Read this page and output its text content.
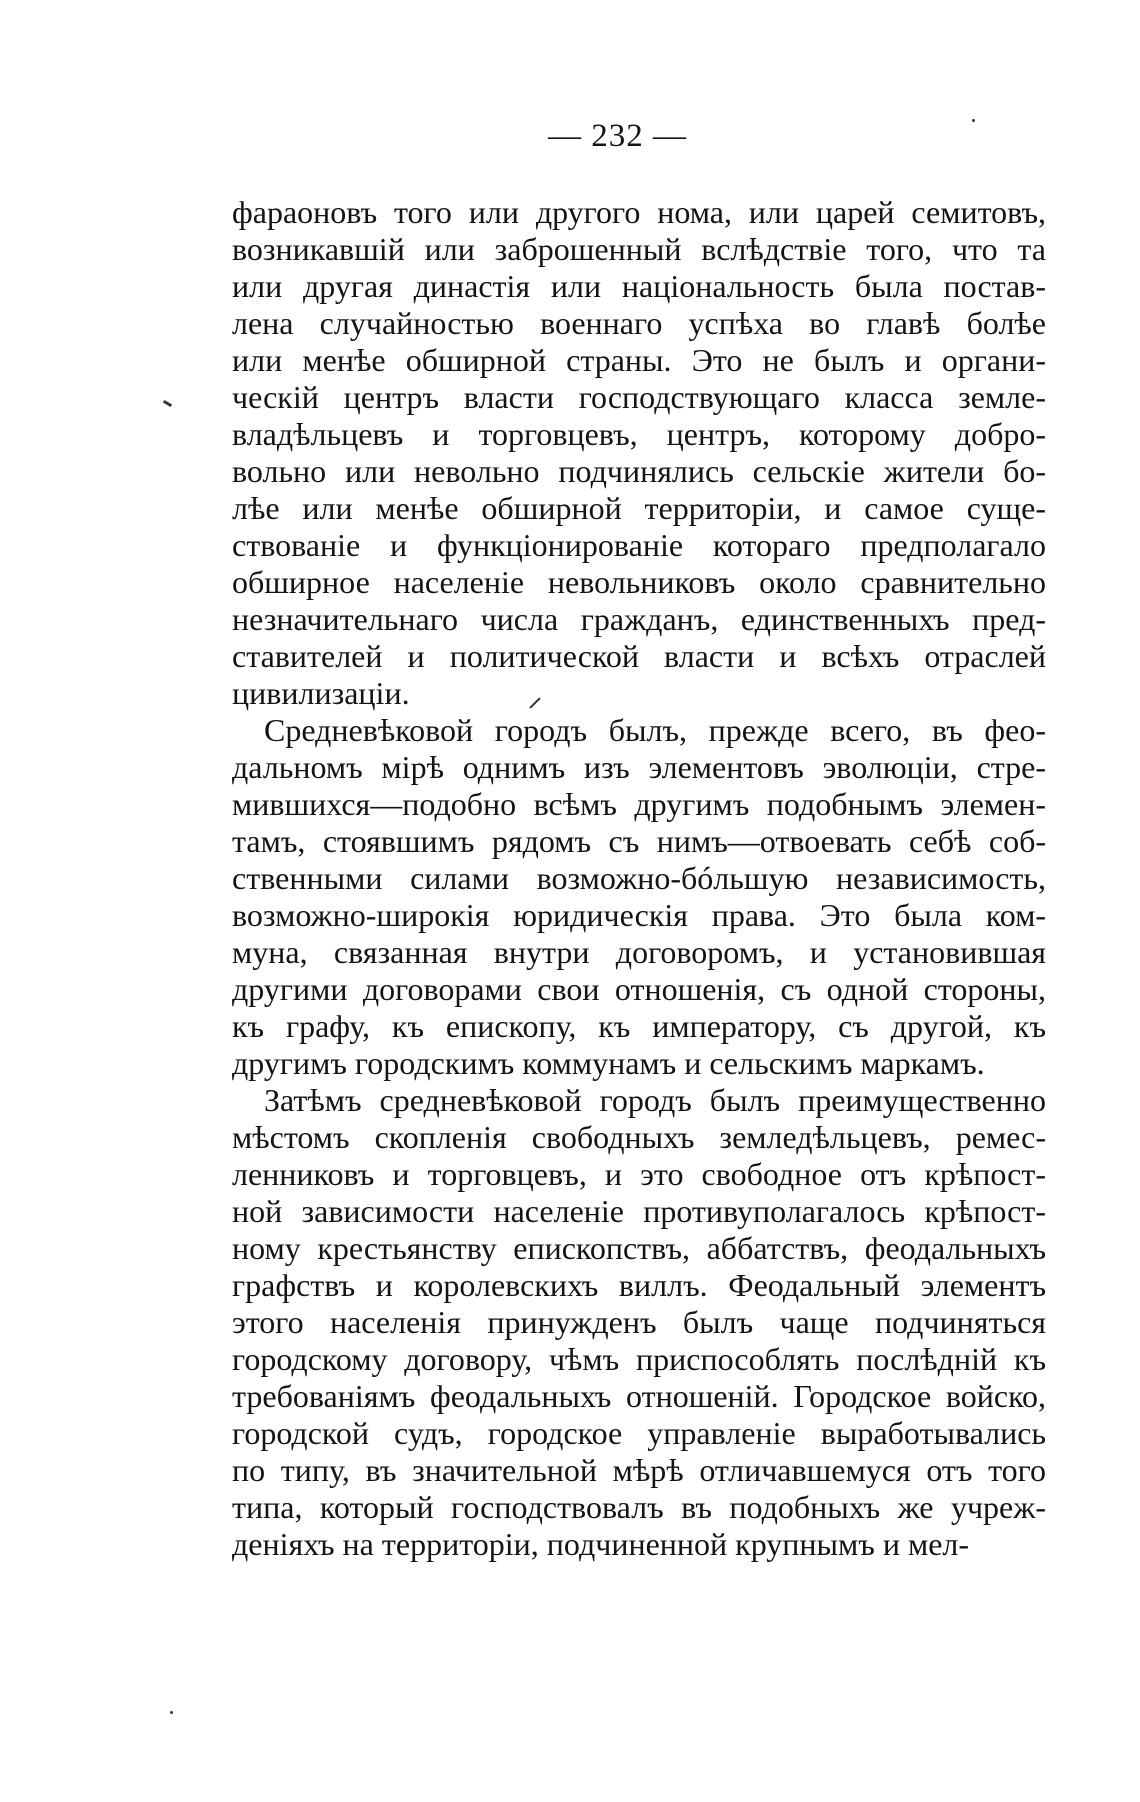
— 232 —
фараоновъ того или другого нома, или царей семитовъ,
возникавшій или заброшенный вслѣдствіе того, что та
или другая династія или національность была постав-
лена случайностью военнаго успѣха во главѣ болѣе
или менѣе обширной страны. Это не былъ и органи-
ческій центръ власти господствующаго класса земле-
владѣльцевъ и торговцевъ, центръ, которому добро-
вольно или невольно подчинялись сельскіе жители бо-
лѣе или менѣе обширной территоріи, и самое суще-
ствованіе и функціонированіе котораго предполагало
обширное населеніе невольниковъ около сравнительно
незначительнаго числа гражданъ, единственныхъ пред-
ставителей и политической власти и всѣхъ отраслей
цивилизаціи.
Средневѣковой городъ былъ, прежде всего, въ фео-
дальномъ мірѣ однимъ изъ элементовъ эволюціи, стре-
мившихся—подобно всѣмъ другимъ подобнымъ элемен-
тамъ, стоявшимъ рядомъ съ нимъ—отвоевать себѣ соб-
ственными силами возможно-бóльшую независимость,
возможно-широкія юридическія права. Это была ком-
муна, связанная внутри договоромъ, и установившая
другими договорами свои отношенія, съ одной стороны,
къ графу, къ епископу, къ императору, съ другой, къ
другимъ городскимъ коммунамъ и сельскимъ маркамъ.
Затѣмъ средневѣковой городъ былъ преимущественно
мѣстомъ скопленія свободныхъ земледѣльцевъ, ремес-
ленниковъ и торговцевъ, и это свободное отъ крѣпост-
ной зависимости населеніе противуполагалось крѣпост-
ному крестьянству епископствъ, аббатствъ, феодальныхъ
графствъ и королевскихъ виллъ. Феодальный элементъ
этого населенія принужденъ былъ чаще подчиняться
городскому договору, чѣмъ приспособлять послѣдній къ
требованіямъ феодальныхъ отношеній. Городское войско,
городской судъ, городское управленіе выработывались
по типу, въ значительной мѣрѣ отличавшемуся отъ того
типа, который господствовалъ въ подобныхъ же учреж-
деніяхъ на территоріи, подчиненной крупнымъ и мел-
